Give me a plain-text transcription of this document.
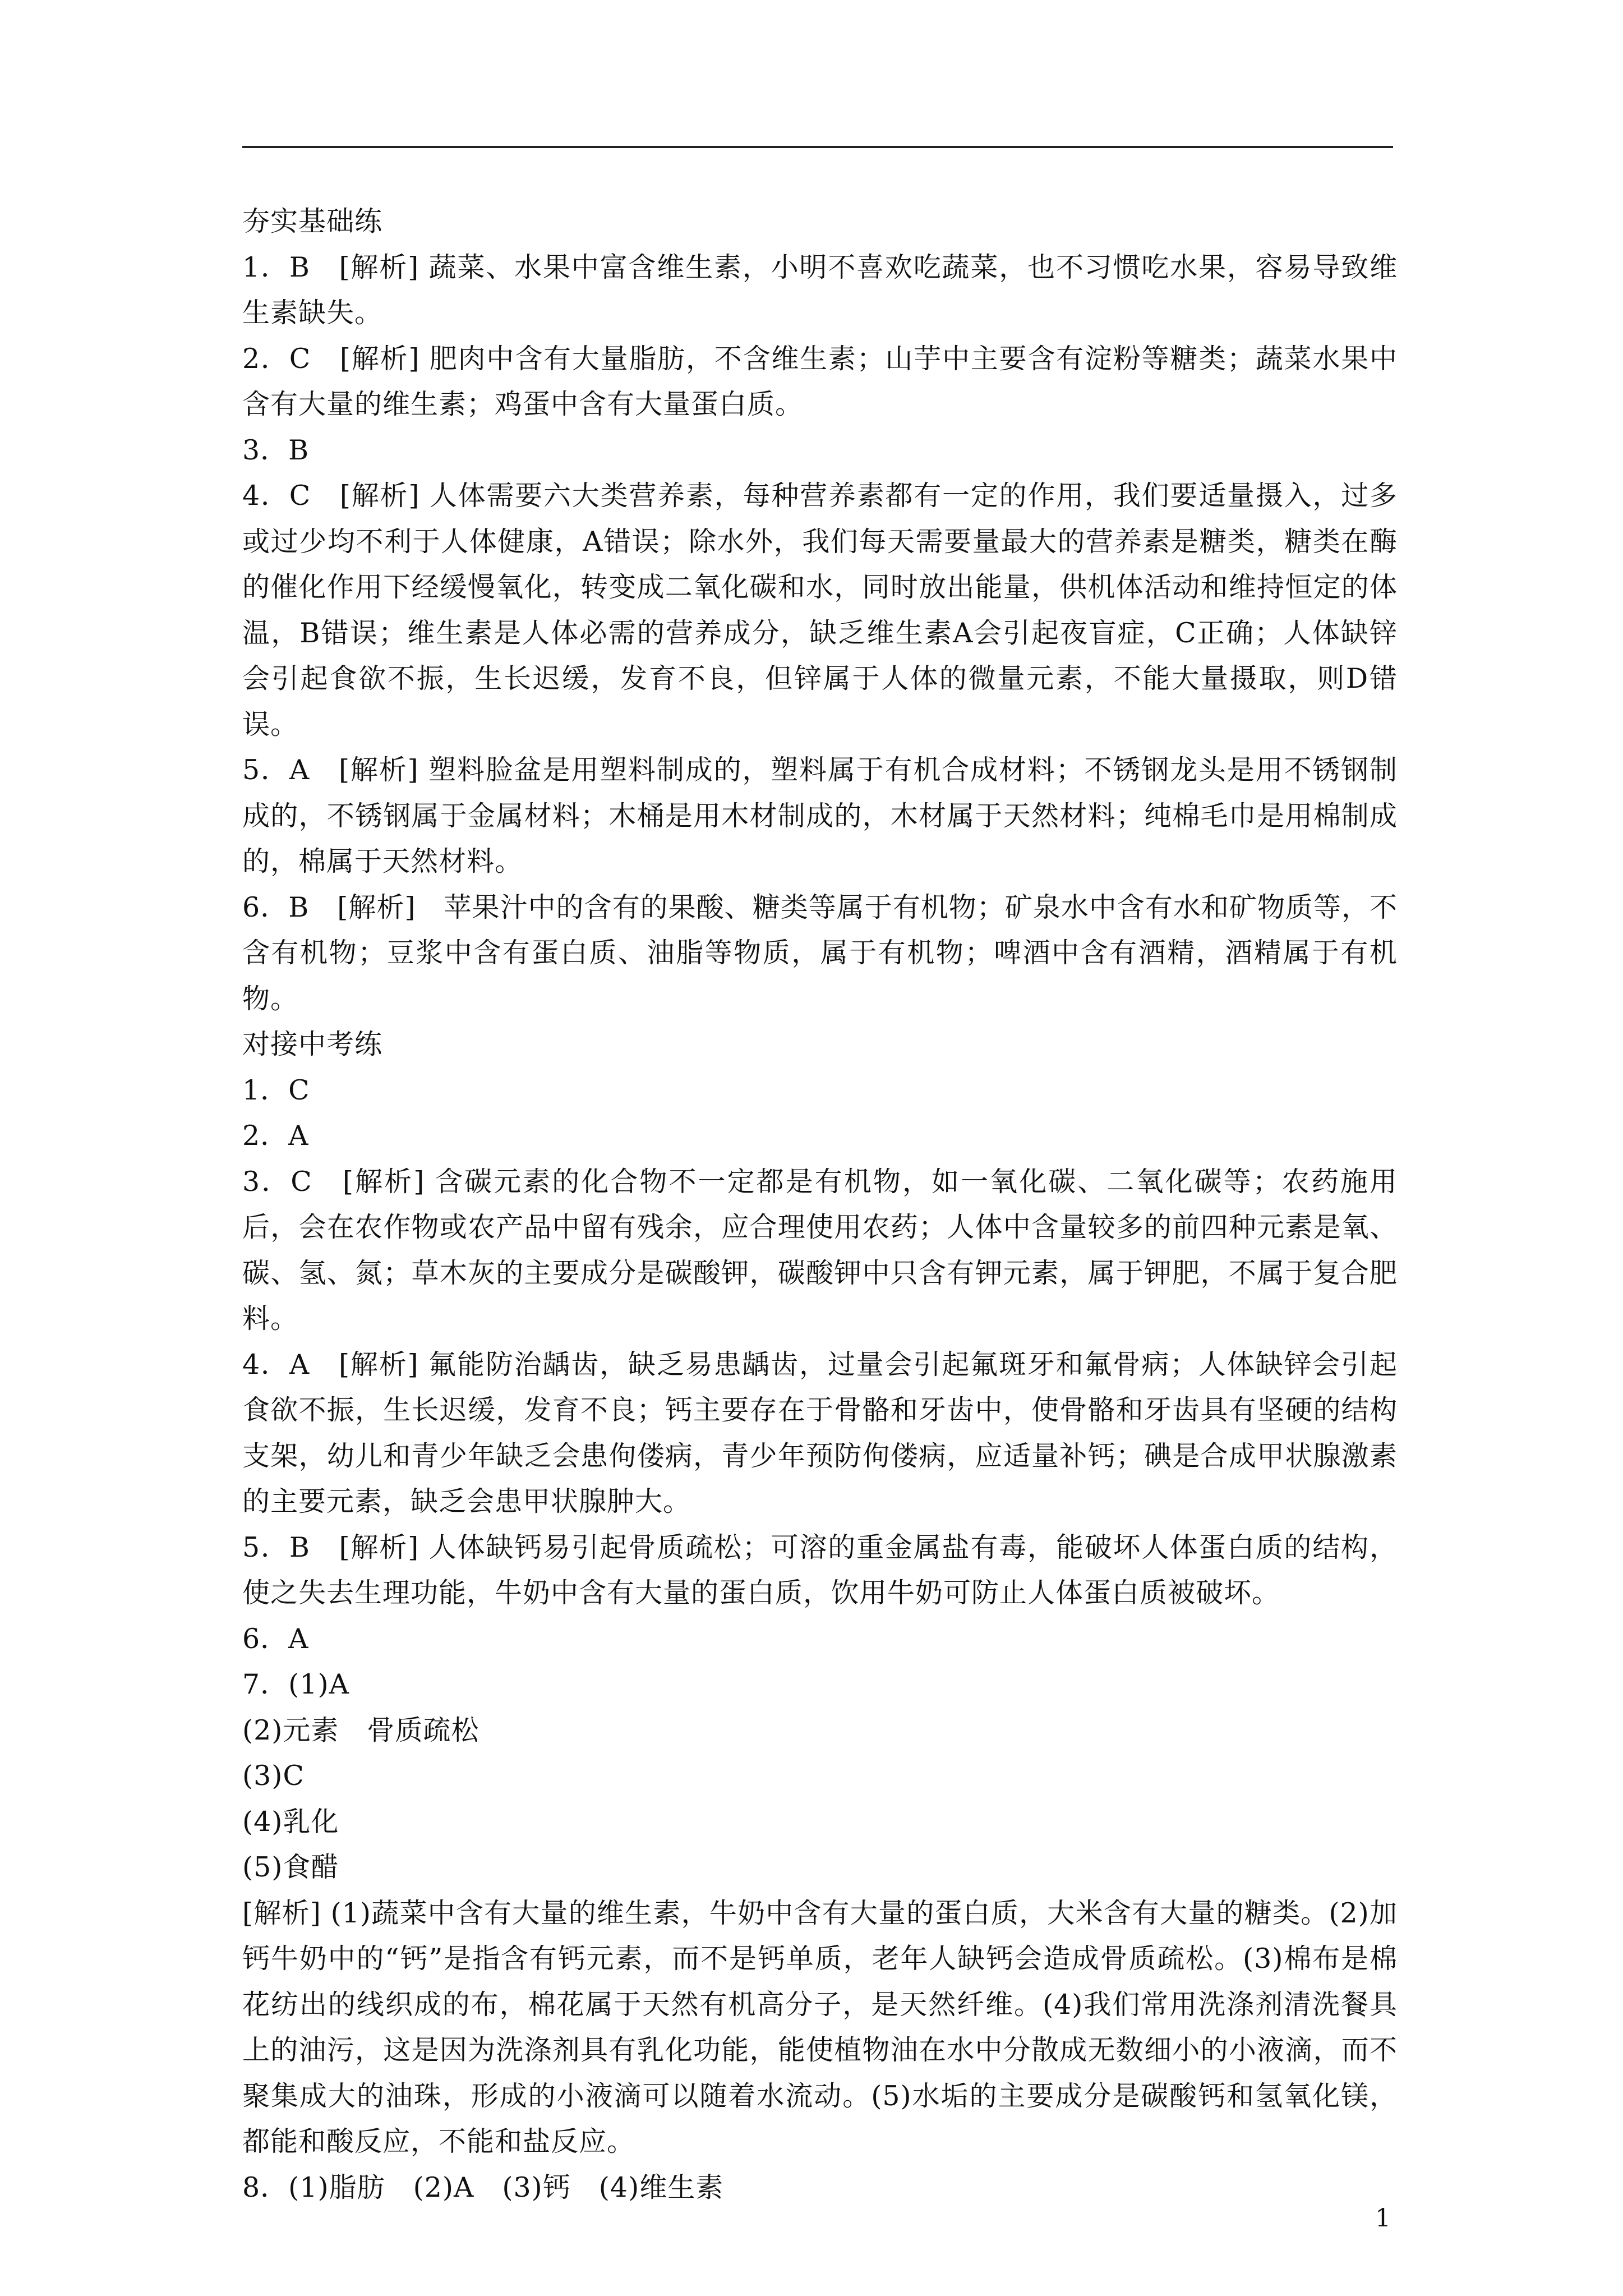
夯实基础练

1．B　[解析] 蔬菜、水果中富含维生素，小明不喜欢吃蔬菜，也不习惯吃水果，容易导致维生素缺失。

2．C　[解析] 肥肉中含有大量脂肪，不含维生素；山芋中主要含有淀粉等糖类；蔬菜水果中含有大量的维生素；鸡蛋中含有大量蛋白质。

3．B

4．C　[解析] 人体需要六大类营养素，每种营养素都有一定的作用，我们要适量摄入，过多或过少均不利于人体健康，A错误；除水外，我们每天需要量最大的营养素是糖类，糖类在酶的催化作用下经缓慢氧化，转变成二氧化碳和水，同时放出能量，供机体活动和维持恒定的体温，B错误；维生素是人体必需的营养成分，缺乏维生素A会引起夜盲症，C正确；人体缺锌会引起食欲不振，生长迟缓，发育不良，但锌属于人体的微量元素，不能大量摄取，则D错误。

5．A　[解析] 塑料脸盆是用塑料制成的，塑料属于有机合成材料；不锈钢龙头是用不锈钢制成的，不锈钢属于金属材料；木桶是用木材制成的，木材属于天然材料；纯棉毛巾是用棉制成的，棉属于天然材料。

6．B　[解析]　苹果汁中的含有的果酸、糖类等属于有机物；矿泉水中含有水和矿物质等，不含有机物；豆浆中含有蛋白质、油脂等物质，属于有机物；啤酒中含有酒精，酒精属于有机物。

对接中考练

1．C

2．A

3．C　[解析] 含碳元素的化合物不一定都是有机物，如一氧化碳、二氧化碳等；农药施用后，会在农作物或农产品中留有残余，应合理使用农药；人体中含量较多的前四种元素是氧、碳、氢、氮；草木灰的主要成分是碳酸钾，碳酸钾中只含有钾元素，属于钾肥，不属于复合肥料。

4．A　[解析] 氟能防治龋齿，缺乏易患龋齿，过量会引起氟斑牙和氟骨病；人体缺锌会引起食欲不振，生长迟缓，发育不良；钙主要存在于骨骼和牙齿中，使骨骼和牙齿具有坚硬的结构支架，幼儿和青少年缺乏会患佝偻病，青少年预防佝偻病，应适量补钙；碘是合成甲状腺激素的主要元素，缺乏会患甲状腺肿大。

5．B　[解析] 人体缺钙易引起骨质疏松；可溶的重金属盐有毒，能破坏人体蛋白质的结构，使之失去生理功能，牛奶中含有大量的蛋白质，饮用牛奶可防止人体蛋白质被破坏。

6．A

7．(1)A

(2)元素　骨质疏松

(3)C

(4)乳化

(5)食醋

[解析] (1)蔬菜中含有大量的维生素，牛奶中含有大量的蛋白质，大米含有大量的糖类。(2)加钙牛奶中的“钙”是指含有钙元素，而不是钙单质，老年人缺钙会造成骨质疏松。(3)棉布是棉花纺出的线织成的布，棉花属于天然有机高分子，是天然纤维。(4)我们常用洗涤剂清洗餐具上的油污，这是因为洗涤剂具有乳化功能，能使植物油在水中分散成无数细小的小液滴，而不聚集成大的油珠，形成的小液滴可以随着水流动。(5)水垢的主要成分是碳酸钙和氢氧化镁，都能和酸反应，不能和盐反应。

8．(1)脂肪　(2)A　(3)钙　(4)维生素

1
